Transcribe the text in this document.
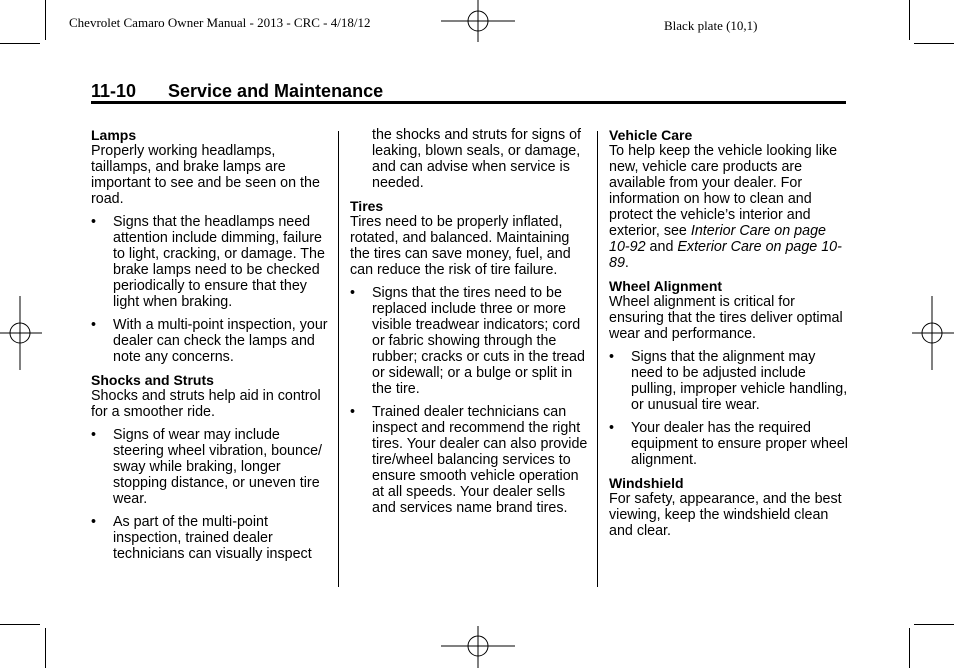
Chevrolet Camaro Owner Manual - 2013 - CRC - 4/18/12	Black plate (10,1)
11-10 Service and Maintenance

Lamps

Properly working headlamps, taillamps, and brake lamps are important to see and be seen on the road.

• Signs that the headlamps need attention include dimming, failure to light, cracking, or damage. The brake lamps need to be checked periodically to ensure that they light when braking.
• With a multi-point inspection, your dealer can check the lamps and note any concerns.

Shocks and Struts

Shocks and struts help aid in control for a smoother ride.

• Signs of wear may include steering wheel vibration, bounce/ sway while braking, longer stopping distance, or uneven tire wear.
• As part of the multi-point inspection, trained dealer technicians can visually inspect
the shocks and struts for signs of leaking, blown seals, or damage, and can advise when service is needed.

Tires

Tires need to be properly inflated, rotated, and balanced. Maintaining the tires can save money, fuel, and can reduce the risk of tire failure.

• Signs that the tires need to be replaced include three or more visible treadwear indicators; cord or fabric showing through the rubber; cracks or cuts in the tread or sidewall; or a bulge or split in the tire.
• Trained dealer technicians can inspect and recommend the right tires. Your dealer can also provide tire/wheel balancing services to ensure smooth vehicle operation at all speeds. Your dealer sells and services name brand tires.

Vehicle Care

To help keep the vehicle looking like new, vehicle care products are available from your dealer. For information on how to clean and protect the vehicle’s interior and exterior, see Interior Care on page 10-92 and Exterior Care on page 10-89.

Wheel Alignment

Wheel alignment is critical for ensuring that the tires deliver optimal wear and performance.

• Signs that the alignment may need to be adjusted include pulling, improper vehicle handling, or unusual tire wear.
• Your dealer has the required equipment to ensure proper wheel alignment.

Windshield

For safety, appearance, and the best viewing, keep the windshield clean and clear.
